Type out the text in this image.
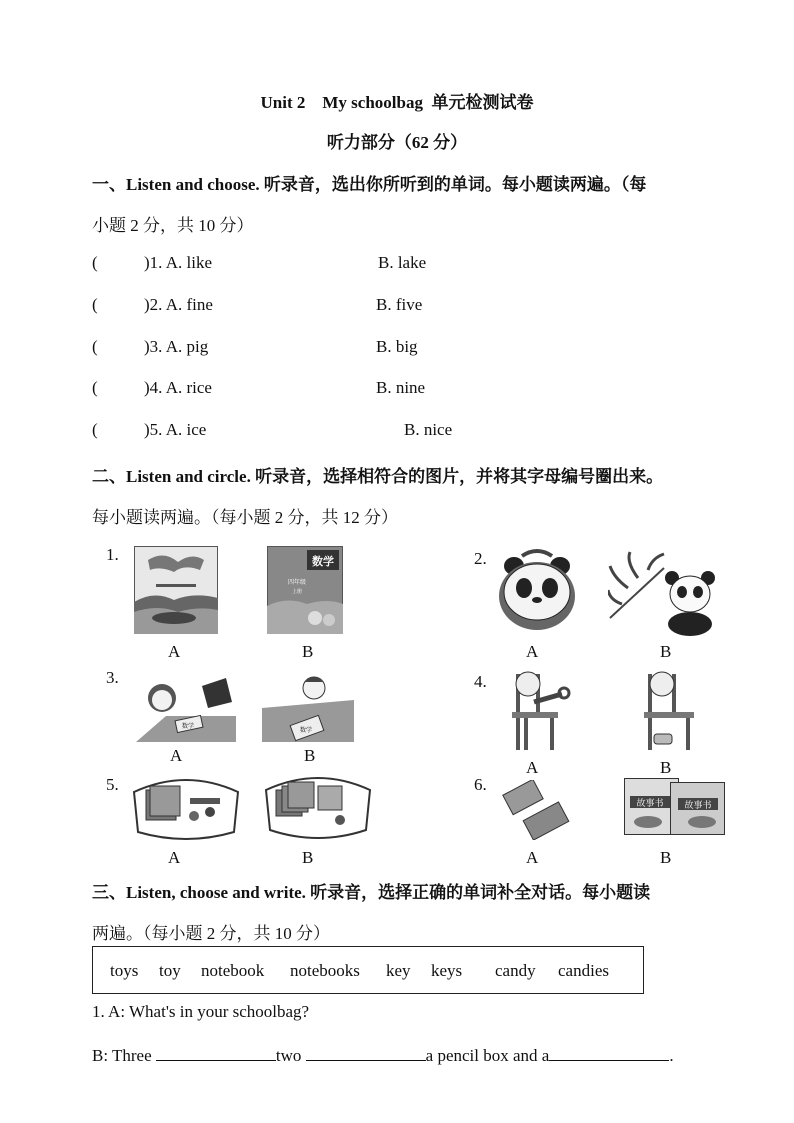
Unit 2    My schoolbag  单元检测试卷
听力部分（62 分）
一、Listen and choose. 听录音，选出你所听到的单词。每小题读两遍。（每
小题 2 分，共 10 分）
(	)1. A. like	B. lake
(	)2. A. fine	B. five
(	)3. A. pig	B. big
(	)4. A. rice	B. nine
(	)5. A. ice	B. nice
二、Listen and circle. 听录音，选择相符合的图片，并将其字母编号圈出来。
每小题读两遍。（每小题 2 分，共 12 分）
1.	2.
3.	4.
5.	6.
数学
四年级
上册
A	B	A	B
数学
数学
A	B
A	B
A	B
故事书 故事书
A	B
三、Listen, choose and write. 听录音，选择正确的单词补全对话。每小题读
两遍。（每小题 2 分，共 10 分）
toys toy notebook notebooks key keys candy candies
1. A: What's in your schoolbag?
B: Three	two	a pencil box and a	.
